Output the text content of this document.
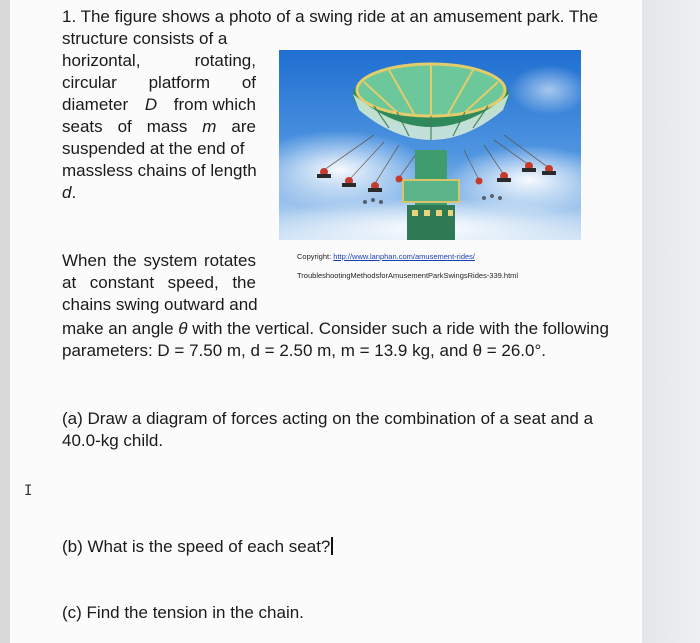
1. The figure shows a photo of a swing ride at an amusement park. The
structure consists of a
horizontal,	rotating,
circular platform of
diameter D from which
seats of mass m are
suspended at the end of
massless chains of length
d.
Copyright: http://www.lanphan.com/amusement-rides/
TroubleshootingMethodsforAmusementParkSwingsRides-339.html
When the system rotates
at constant speed, the
chains swing outward and
make an angle θ with the vertical. Consider such a ride with the following
parameters: D = 7.50 m, d = 2.50 m, m = 13.9 kg, and θ = 26.0°.
(a) Draw a diagram of forces acting on the combination of a seat and a
40.0-kg child.
I
(b) What is the speed of each seat?
(c) Find the tension in the chain.
